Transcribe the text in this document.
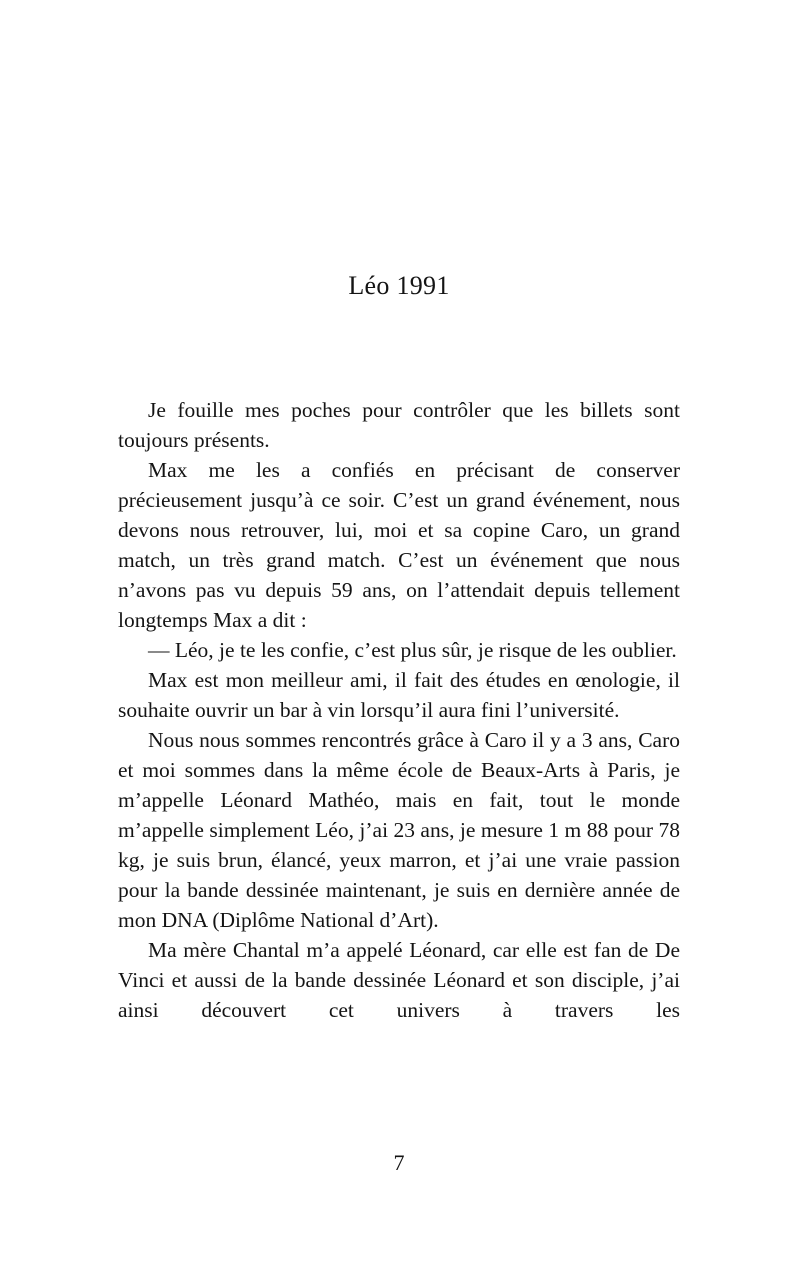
Léo 1991

Je fouille mes poches pour contrôler que les billets sont toujours présents.

Max me les a confiés en précisant de conserver précieusement jusqu’à ce soir. C’est un grand événement, nous devons nous retrouver, lui, moi et sa copine Caro, un grand match, un très grand match. C’est un événement que nous n’avons pas vu depuis 59 ans, on l’attendait depuis tellement longtemps Max a dit :

— Léo, je te les confie, c’est plus sûr, je risque de les oublier.

Max est mon meilleur ami, il fait des études en œnologie, il souhaite ouvrir un bar à vin lorsqu’il aura fini l’université.

Nous nous sommes rencontrés grâce à Caro il y a 3 ans, Caro et moi sommes dans la même école de Beaux-Arts à Paris, je m’appelle Léonard Mathéo, mais en fait, tout le monde m’appelle simplement Léo, j’ai 23 ans, je mesure 1 m 88 pour 78 kg, je suis brun, élancé, yeux marron, et j’ai une vraie passion pour la bande dessinée maintenant, je suis en dernière année de mon DNA (Diplôme National d’Art).

Ma mère Chantal m’a appelé Léonard, car elle est fan de De Vinci et aussi de la bande dessinée Léonard et son disciple, j’ai ainsi découvert cet univers à travers les

7
